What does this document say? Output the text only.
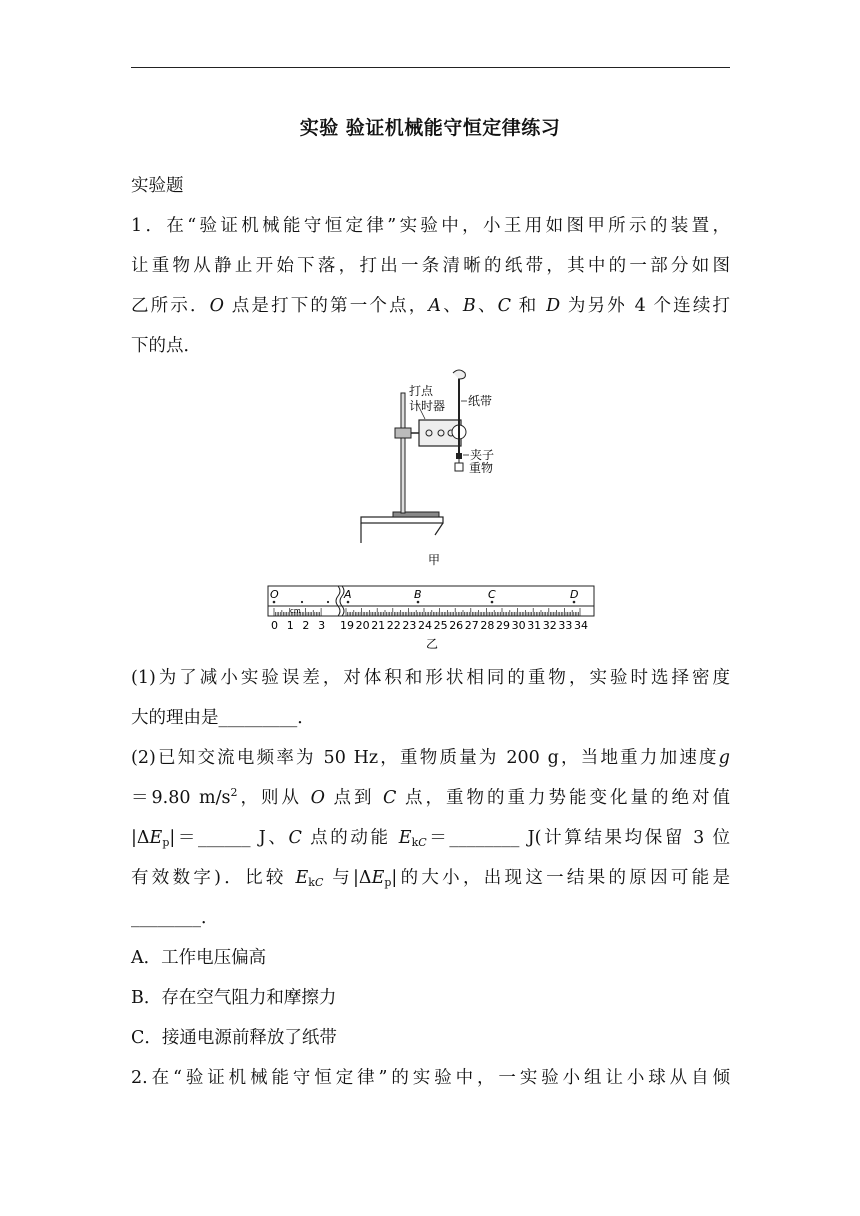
实验 验证机械能守恒定律练习
实验题
1．在“验证机械能守恒定律”实验中，小王用如图甲所示的装置，
让重物从静止开始下落，打出一条清晰的纸带，其中的一部分如图
乙所示．O 点是打下的第一个点，A、B、C 和 D 为另外 4 个连续打
下的点．
打点
计时器 纸带
夹子
重物
甲
0 1 2 3 19 20 21 22 23 24 25 26 27 28 29 30 31 32 33 34
cm
O	A	B	C	D
乙
(1)为了减小实验误差，对体积和形状相同的重物，实验时选择密度
大的理由是_________．
(2)已知交流电频率为 50 Hz，重物质量为 200 g，当地重力加速度g
＝9.80 $m/s^2$，则从 O 点到 C 点，重物的重力势能变化量的绝对值
$|\Delta E_p|=\_\_\_\_\_\_$ J、C 点的动能 $E_{kC}=\_\_\_\_\_\_\_\_$ J(计算结果均保留 3 位
有效数字)．比较 $E_{kC}$ 与$|\Delta E_p|$的大小，出现这一结果的原因可能是
________．
A．工作电压偏高
B．存在空气阻力和摩擦力
C．接通电源前释放了纸带
2.在“验证机械能守恒定律”的实验中，一实验小组让小球从自倾
